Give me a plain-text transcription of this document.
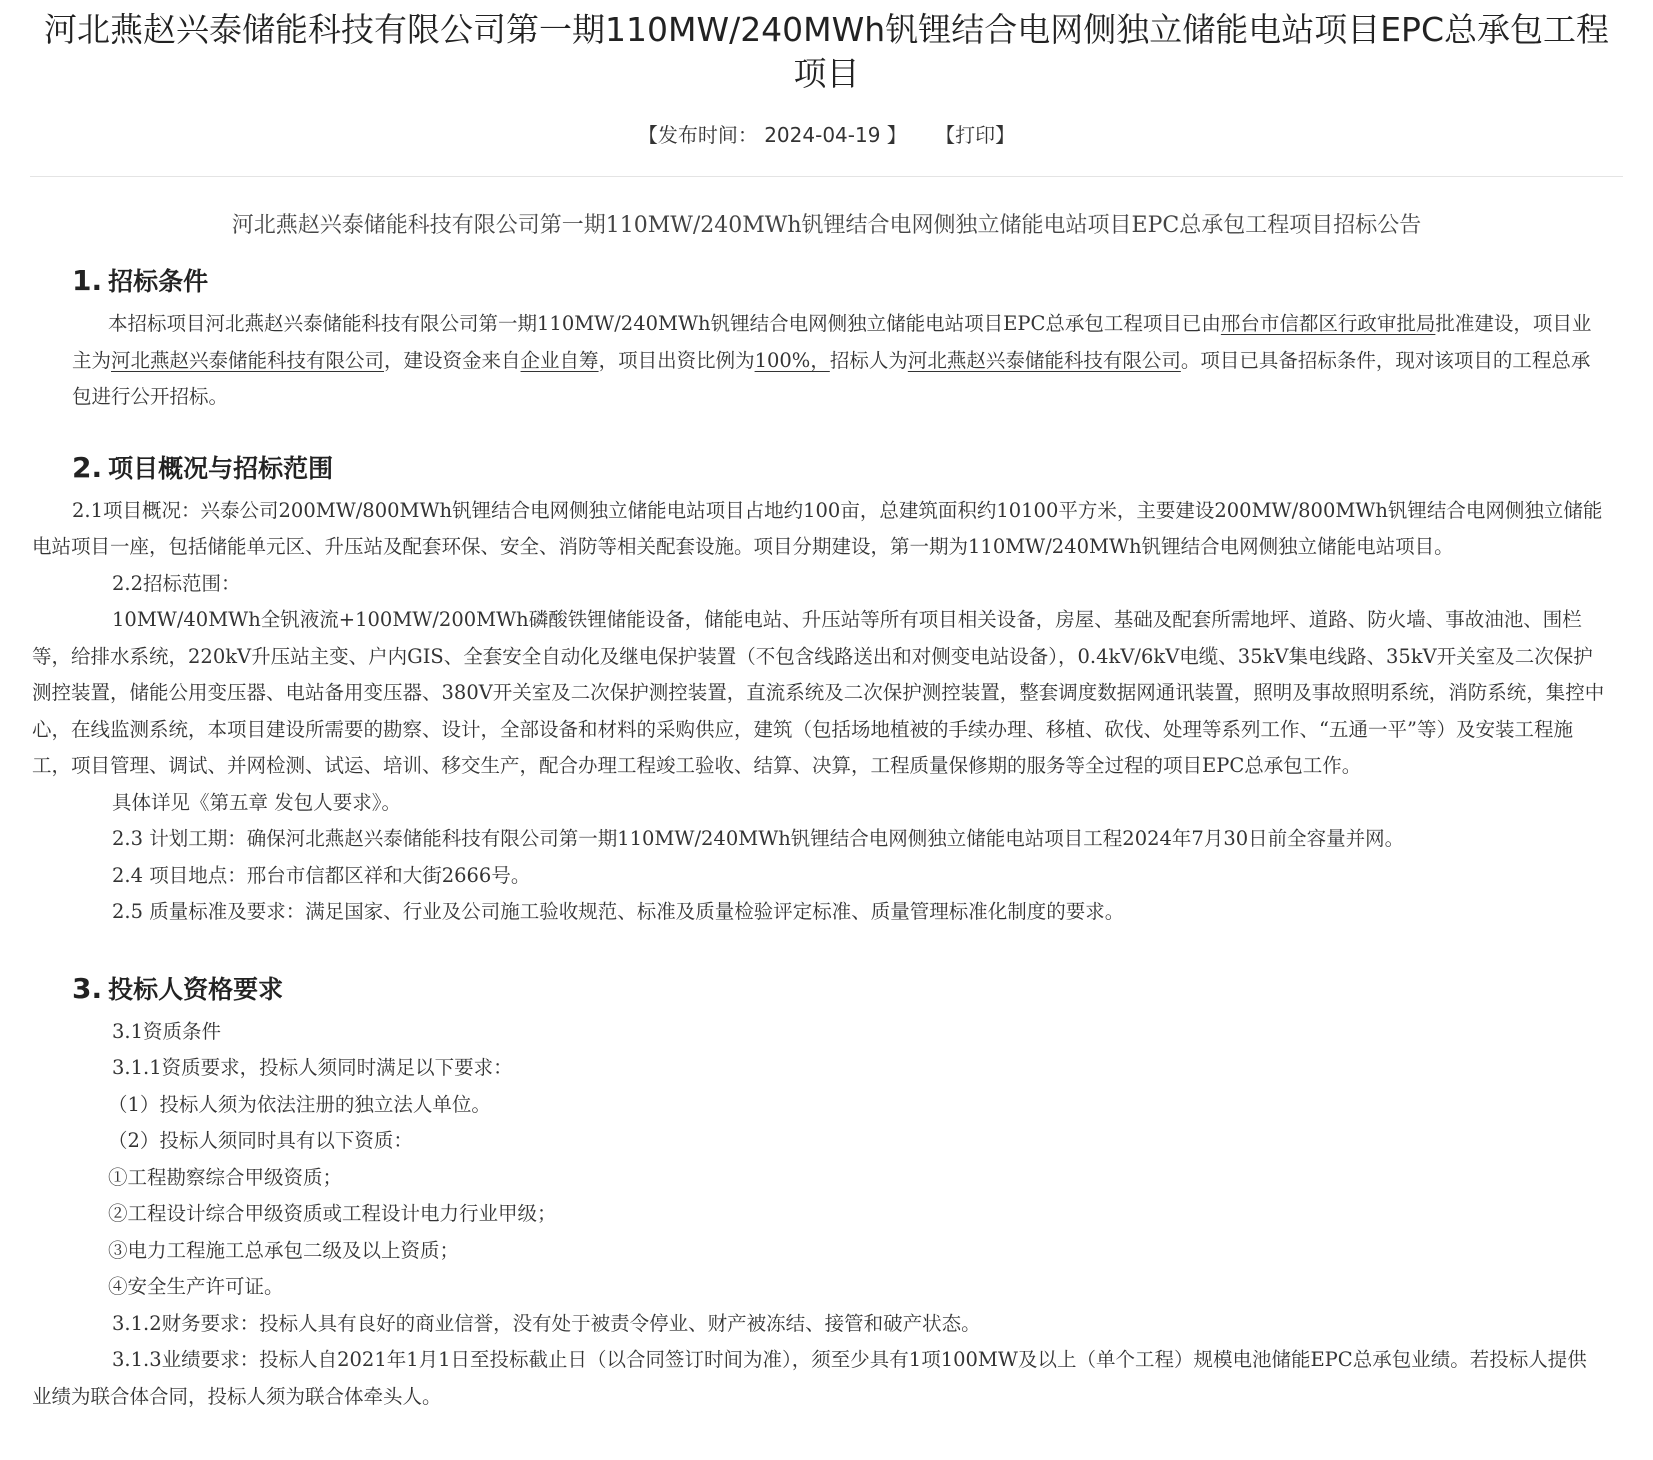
河北燕赵兴泰储能科技有限公司第一期110MW/240MWh钒锂结合电网侧独立储能电站项目EPC总承包工程项目
【发布时间： 2024-04-19 】 【打印】
河北燕赵兴泰储能科技有限公司第一期110MW/240MWh钒锂结合电网侧独立储能电站项目EPC总承包工程项目招标公告
1. 招标条件

本招标项目河北燕赵兴泰储能科技有限公司第一期110MW/240MWh钒锂结合电网侧独立储能电站项目EPC总承包工程项目已由邢台市信都区行政审批局批准建设，项目业主为河北燕赵兴泰储能科技有限公司，建设资金来自企业自筹，项目出资比例为100%，招标人为河北燕赵兴泰储能科技有限公司。项目已具备招标条件，现对该项目的工程总承包进行公开招标。

2. 项目概况与招标范围

2.1项目概况：兴泰公司200MW/800MWh钒锂结合电网侧独立储能电站项目占地约100亩，总建筑面积约10100平方米，主要建设200MW/800MWh钒锂结合电网侧独立储能电站项目一座，包括储能单元区、升压站及配套环保、安全、消防等相关配套设施。项目分期建设，第一期为110MW/240MWh钒锂结合电网侧独立储能电站项目。

2.2招标范围：

10MW/40MWh全钒液流+100MW/200MWh磷酸铁锂储能设备，储能电站、升压站等所有项目相关设备，房屋、基础及配套所需地坪、道路、防火墙、事故油池、围栏等，给排水系统，220kV升压站主变、户内GIS、全套安全自动化及继电保护装置（不包含线路送出和对侧变电站设备），0.4kV/6kV电缆、35kV集电线路、35kV开关室及二次保护测控装置，储能公用变压器、电站备用变压器、380V开关室及二次保护测控装置，直流系统及二次保护测控装置，整套调度数据网通讯装置，照明及事故照明系统，消防系统，集控中心，在线监测系统，本项目建设所需要的勘察、设计，全部设备和材料的采购供应，建筑（包括场地植被的手续办理、移植、砍伐、处理等系列工作、“五通一平”等）及安装工程施工，项目管理、调试、并网检测、试运、培训、移交生产，配合办理工程竣工验收、结算、决算，工程质量保修期的服务等全过程的项目EPC总承包工作。

具体详见《第五章 发包人要求》。

2.3 计划工期：确保河北燕赵兴泰储能科技有限公司第一期110MW/240MWh钒锂结合电网侧独立储能电站项目工程2024年7月30日前全容量并网。

2.4 项目地点：邢台市信都区祥和大街2666号。

2.5 质量标准及要求：满足国家、行业及公司施工验收规范、标准及质量检验评定标准、质量管理标准化制度的要求。

3. 投标人资格要求

3.1资质条件

3.1.1资质要求，投标人须同时满足以下要求：

（1）投标人须为依法注册的独立法人单位。

（2）投标人须同时具有以下资质：

①工程勘察综合甲级资质；

②工程设计综合甲级资质或工程设计电力行业甲级；

③电力工程施工总承包二级及以上资质；

④安全生产许可证。

3.1.2财务要求：投标人具有良好的商业信誉，没有处于被责令停业、财产被冻结、接管和破产状态。

3.1.3业绩要求：投标人自2021年1月1日至投标截止日（以合同签订时间为准），须至少具有1项100MW及以上（单个工程）规模电池储能EPC总承包业绩。若投标人提供业绩为联合体合同，投标人须为联合体牵头人。
